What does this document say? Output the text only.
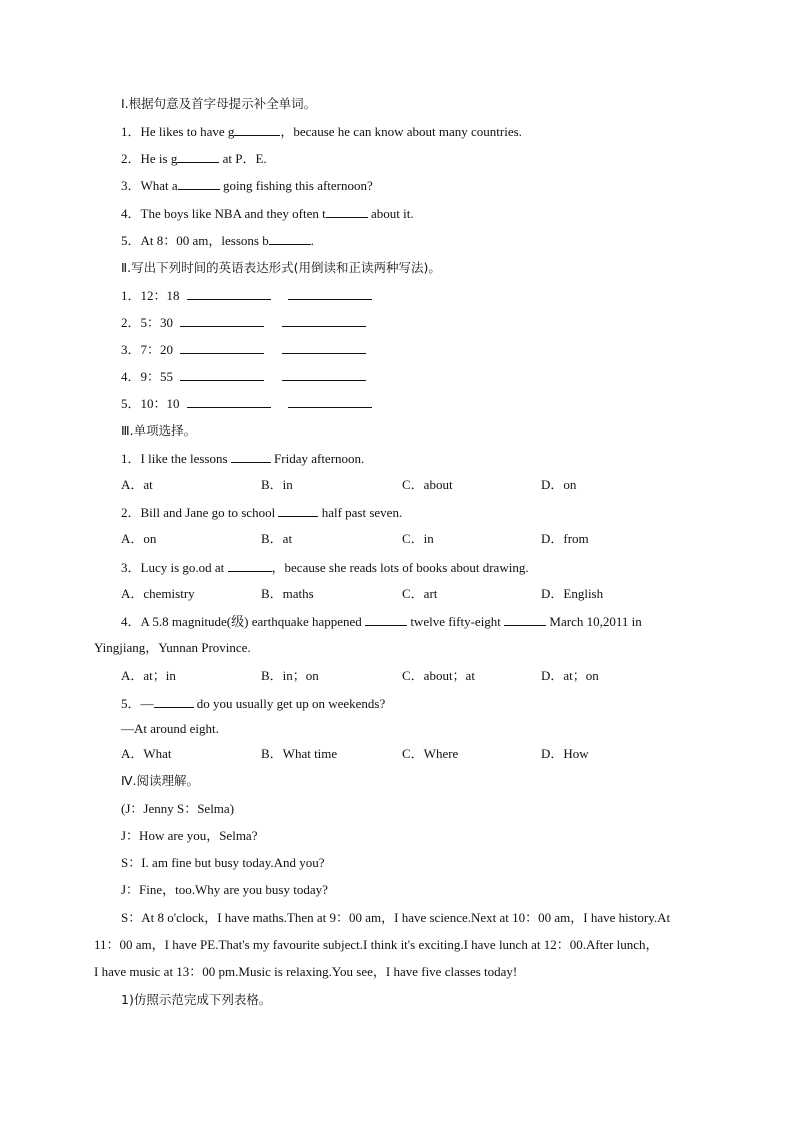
Ⅰ.根据句意及首字母提示补全单词。
1．He likes to have g	，because he can know about many countries.
2．He is g	at P．E.
3．What a	going fishing this afternoon?
4．The boys like NBA and they often t	about it.
5．At 8：00 am，lessons b	.
Ⅱ.写出下列时间的英语表达形式(用倒读和正读两种写法)。
1．12：18
2．5：30
3．7：20
4．9：55
5．10：10
Ⅲ.单项选择。
1．I like the lessons	Friday afternoon.
A．at	B．in	C．about	D．on
2．Bill and Jane go to school	half past seven.
A．on	B．at	C．in	D．from
3．Lucy is go.od at	，because she reads lots of books about drawing.
A．chemistry	B．maths	C．art	D．English
4．A 5.8 magnitude(级) earthquake happened	twelve fifty-eight	March 10,2011 in
Yingjiang，Yunnan Province.
A．at；in	B．in；on	C．about；at	D．at；on
5．—	do you usually get up on weekends?
—At around eight.
A．What	B．What time	C．Where	D．How
Ⅳ.阅读理解。
(J：Jenny S：Selma)
J：How are you，Selma?
S：I. am fine but busy today.And you?
J：Fine，too.Why are you busy today?
S：At 8 o'clock，I have maths.Then at 9：00 am，I have science.Next at 10：00 am，I have history.At
11：00 am，I have PE.That's my favourite subject.I think it's exciting.I have lunch at 12：00.After lunch，
I have music at 13：00 pm.Music is relaxing.You see，I have five classes today!
1)仿照示范完成下列表格。
